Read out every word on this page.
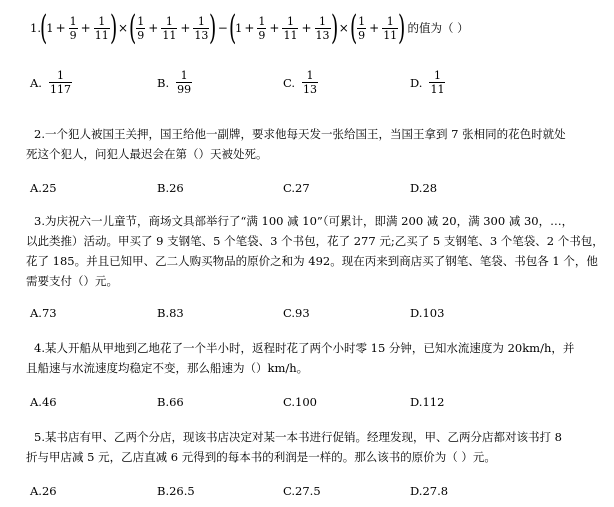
1.
(
$1 + \frac{1}{9} + \frac{1}{11}$ ) × ( $\frac{1}{9} + \frac{1}{11} + \frac{1}{13}$ ) − (
$1 + \frac{1}{9} + \frac{1}{11} + \frac{1}{13}$ ) × ( $\frac{1}{9} + \frac{1}{11}$ ) 的值为（ ）
A. $\frac{1}{117}$	B. $\frac{1}{99}$	C. $\frac{1}{13}$	D. $\frac{1}{11}$
2.一个犯人被国王关押，国王给他一副牌，要求他每天发一张给国王，当国王拿到 7 张相同的花色时就处
死这个犯人，问犯人最迟会在第（）天被处死。
A.25	B.26	C.27	D.28
3.为庆祝六一儿童节，商场文具部举行了“满 100 减 10”（可累计，即满 200 减 20，满 300 减 30，…，
以此类推）活动。甲买了 9 支钢笔、5 个笔袋、3 个书包，花了 277 元;乙买了 5 支钢笔、3 个笔袋、2 个书包，
花了 185。并且已知甲、乙二人购买物品的原价之和为 492。现在丙来到商店买了钢笔、笔袋、书包各 1 个，他
需要支付（）元。
A.73	B.83	C.93	D.103
4.某人开船从甲地到乙地花了一个半小时，返程时花了两个小时零 15 分钟，已知水流速度为 20km/h，并
且船速与水流速度均稳定不变，那么船速为（）km/h。
A.46	B.66	C.100	D.112
5.某书店有甲、乙两个分店，现该书店决定对某一本书进行促销。经理发现，甲、乙两分店都对该书打 8
折与甲店减 5 元，乙店直减 6 元得到的每本书的利润是一样的。那么该书的原价为（ ）元。
A.26	B.26.5	C.27.5	D.27.8
